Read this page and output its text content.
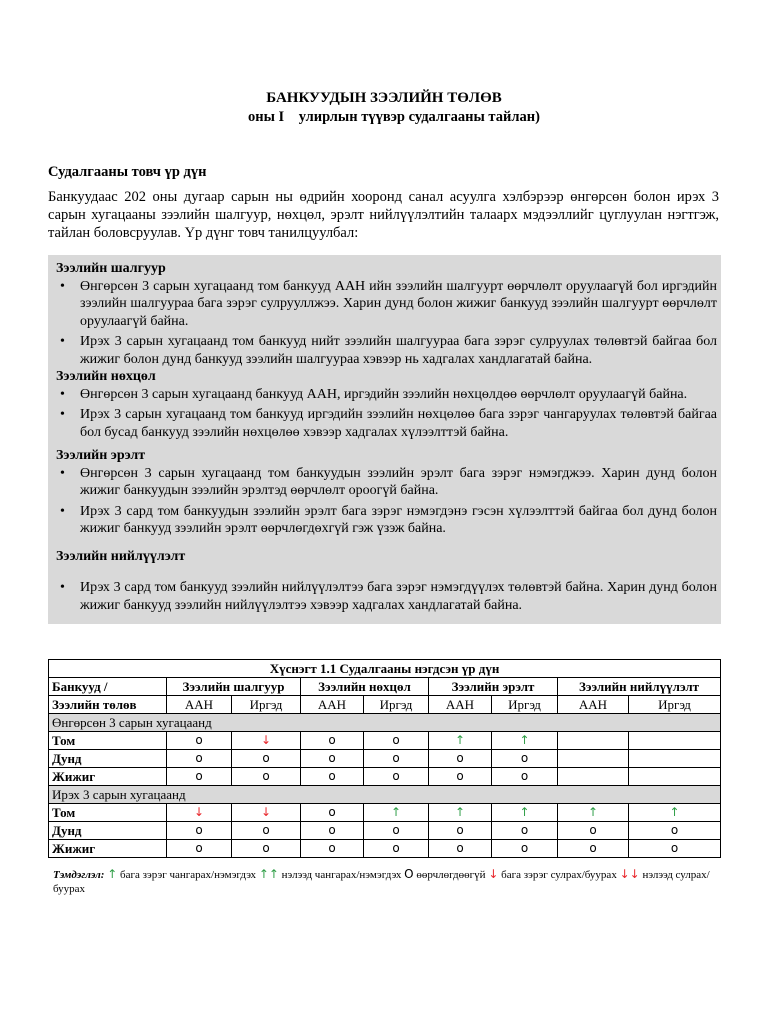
БАНКУУДЫН ЗЭЭЛИЙН ТӨЛӨВ
оны I    улирлын түүвэр судалгааны тайлан)
Судалгааны товч үр дүн

Банкуудаас 202 оны дугаар сарын ны өдрийн хооронд санал асуулга хэлбэрээр өнгөрсөн болон ирэх 3 сарын хугацааны зээлийн шалгуур, нөхцөл, эрэлт нийлүүлэлтийн талаарх мэдээллийг цуглуулан нэгтгэж, тайлан боловсруулав. Үр дүнг товч танилцуулбал:

Зээлийн шалгуур
• Өнгөрсөн 3 сарын хугацаанд том банкууд ААН ийн зээлийн шалгуурт өөрчлөлт оруулаагүй бол иргэдийн зээлийн шалгуураа бага зэрэг сулрууллжээ. Харин дунд болон жижиг банкууд зээлийн шалгуурт өөрчлөлт оруулаагүй байна.
• Ирэх 3 сарын хугацаанд том банкууд нийт зээлийн шалгуураа бага зэрэг сулруулах төлөвтэй байгаа бол жижиг болон дунд банкууд зээлийн шалгуураа хэвээр нь хадгалах хандлагатай байна.
Зээлийн нөхцөл
• Өнгөрсөн 3 сарын хугацаанд банкууд ААН, иргэдийн зээлийн нөхцөлдөө өөрчлөлт оруулаагүй байна.
• Ирэх 3 сарын хугацаанд том банкууд иргэдийн зээлийн нөхцөлөө бага зэрэг чангаруулах төлөвтэй байгаа бол бусад банкууд зээлийн нөхцөлөө хэвээр хадгалах хүлээлттэй байна.
Зээлийн эрэлт
• Өнгөрсөн 3 сарын хугацаанд том банкуудын зээлийн эрэлт бага зэрэг нэмэгджээ. Харин дунд болон жижиг банкуудын зээлийн эрэлтэд өөрчлөлт ороогүй байна.
• Ирэх 3 сард том банкуудын зээлийн эрэлт бага зэрэг нэмэгдэнэ гэсэн хүлээлттэй байгаа бол дунд болон жижиг банкууд зээлийн эрэлт өөрчлөгдөхгүй гэж үзэж байна.
Зээлийн нийлүүлэлт
• Ирэх 3 сард том банкууд зээлийн нийлүүлэлтээ бага зэрэг нэмэгдүүлэх төлөвтэй байна. Харин дунд болон жижиг банкууд зээлийн нийлүүлэлтээ хэвээр хадгалах хандлагатай байна.
Хүснэгт 1.1 Судалгааны нэгдсэн үр дүн								
Банкууд /	Зээлийн шалгуур		Зээлийн нөхцөл		Зээлийн эрэлт		Зээлийн нийлүүлэлт	
Зээлийн төлөв	ААН	Иргэд	ААН	Иргэд	ААН	Иргэд	ААН	Иргэд
Өнгөрсөн 3 сарын хугацаанд								
Том	o	↓	o	o	↑	↑		
Дунд	o	o	o	o	o	o		
Жижиг	o	o	o	o	o	o		
Ирэх 3 сарын хугацаанд								
Том	↓	↓	o	↑	↑	↑	↑	↑
Дунд	o	o	o	o	o	o	o	o
Жижиг	o	o	o	o	o	o	o	o
Тэмдэглэл: ↑ бага зэрэг чангарах/нэмэгдэх ↑↑ нэлээд чангарах/нэмэгдэх O өөрчлөгдөөгүй ↓ бага зэрэг сулрах/буурах ↓↓ нэлээд сулрах/буурах
